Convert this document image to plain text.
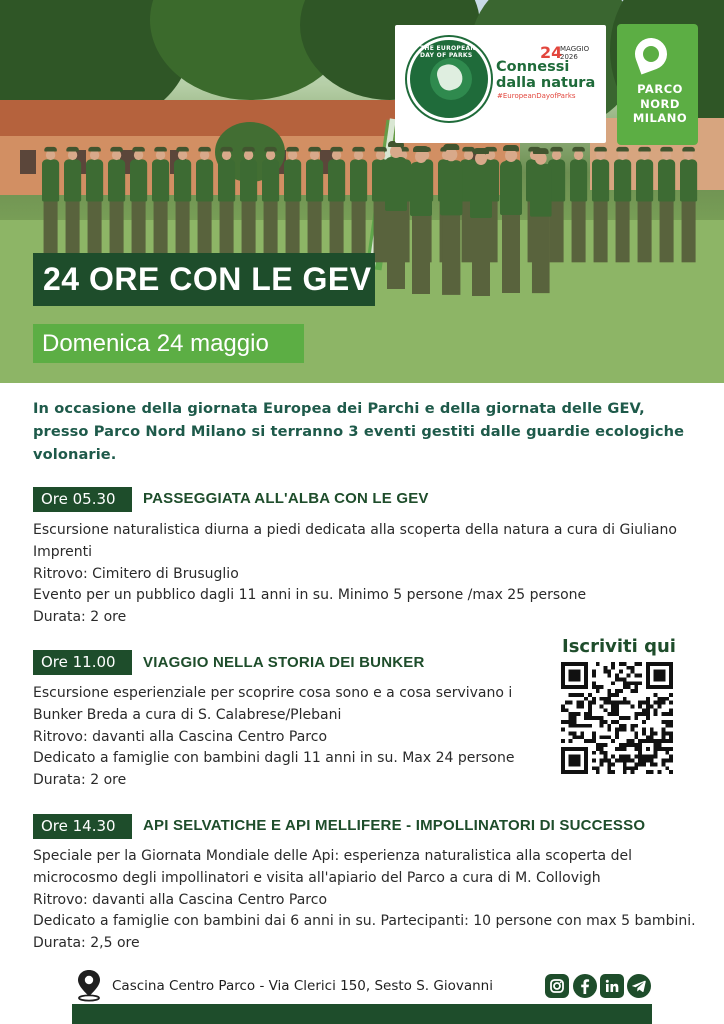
THE EUROPEAN DAY OF PARKS	24
MAGGIO 2026
Connessi dalla natura
#EuropeanDayofParks	PARCO NORD MILANO
24 ORE CON LE GEV
Domenica 24 maggio
In occasione della giornata Europea dei Parchi e della giornata delle GEV, presso Parco Nord Milano si terranno 3 eventi gestiti dalle guardie ecologiche volonarie.
Ore 05.30	PASSEGGIATA ALL'ALBA CON LE GEV
Escursione naturalistica diurna a piedi dedicata alla scoperta della natura a cura di Giuliano
Imprenti
Ritrovo: Cimitero di Brusuglio
Evento per un pubblico dagli 11 anni in su. Minimo 5 persone /max 25 persone
Durata: 2 ore
Ore 11.00	VIAGGIO NELLA STORIA DEI BUNKER
Escursione esperienziale per scoprire cosa sono e a cosa servivano i
Bunker Breda a cura di S. Calabrese/Plebani
Ritrovo: davanti alla Cascina Centro Parco
Dedicato a famiglie con bambini dagli 11 anni in su. Max 24 persone
Durata: 2 ore
Ore 14.30	API SELVATICHE E API MELLIFERE - IMPOLLINATORI DI SUCCESSO
Speciale per la Giornata Mondiale delle Api: esperienza naturalistica alla scoperta del
microcosmo degli impollinatori e visita all'apiario del Parco a cura di M. Collovigh
Ritrovo: davanti alla Cascina Centro Parco
Dedicato a famiglie con bambini dai 6 anni in su. Partecipanti: 10 persone con max 5 bambini.
Durata: 2,5 ore
Iscriviti qui
Cascina Centro Parco - Via Clerici 150, Sesto S. Giovanni
